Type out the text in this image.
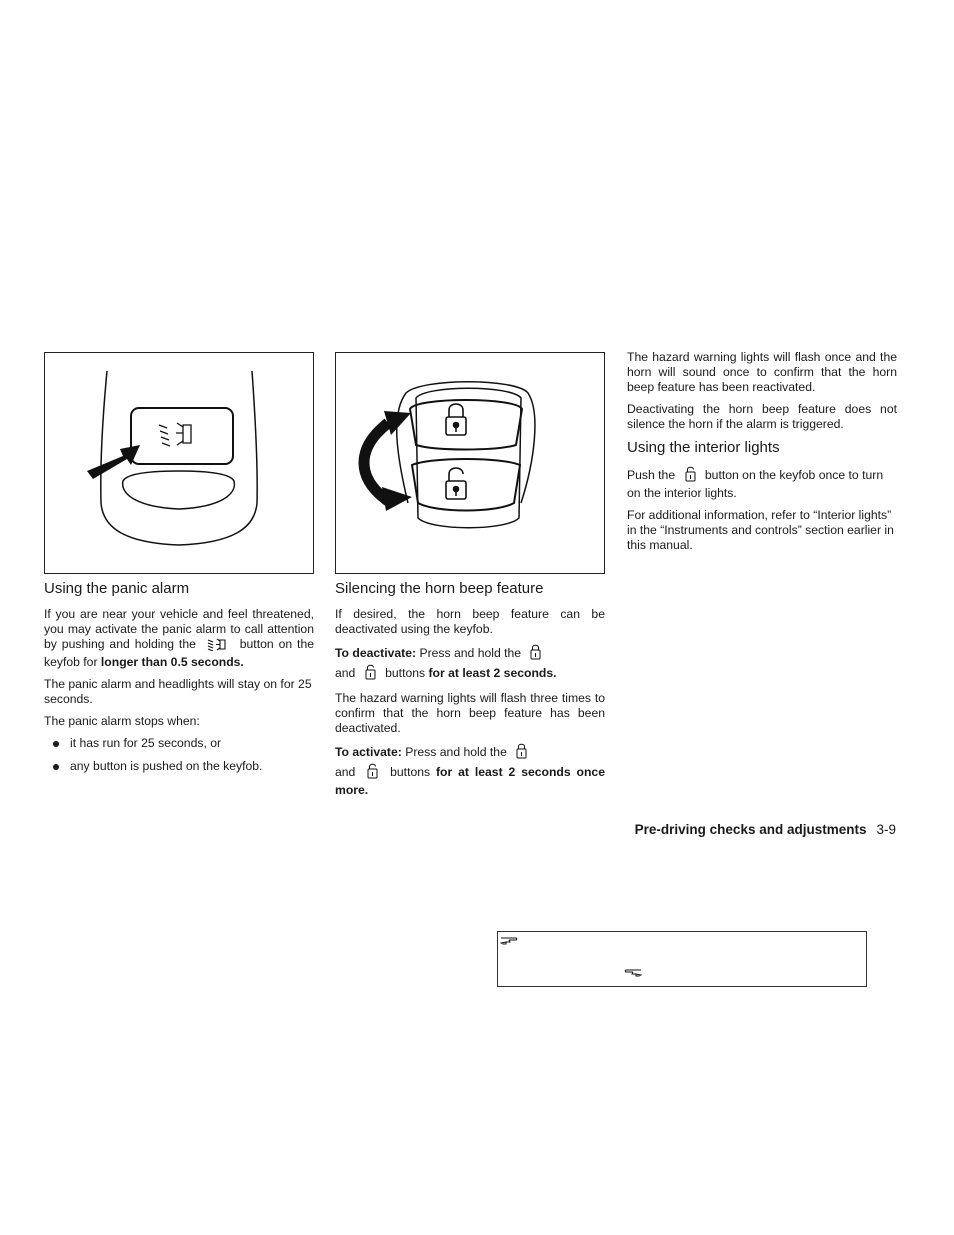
Using the panic alarm

If you are near your vehicle and feel threatened, you may activate the panic alarm to call attention by pushing and holding the	button on the keyfob for longer than 0.5 seconds.

The panic alarm and headlights will stay on for 25 seconds.

The panic alarm stops when:

it has run for 25 seconds, or
any button is pushed on the keyfob.
Silencing the horn beep feature

If desired, the horn beep feature can be deactivated using the keyfob.

To deactivate: Press and hold the
and buttons for at least 2 seconds.

The hazard warning lights will flash three times to confirm that the horn beep feature has been deactivated.

To activate: Press and hold the
and	buttons for at least 2 seconds once more.

The hazard warning lights will flash once and the horn will sound once to confirm that the horn beep feature has been reactivated.

Deactivating the horn beep feature does not silence the horn if the alarm is triggered.

Using the interior lights

Push the button on the keyfob once to turn on the interior lights.

For additional information, refer to “Interior lights” in the “Instruments and controls” section earlier in this manual.

Pre-driving checks and adjustments 3-9
